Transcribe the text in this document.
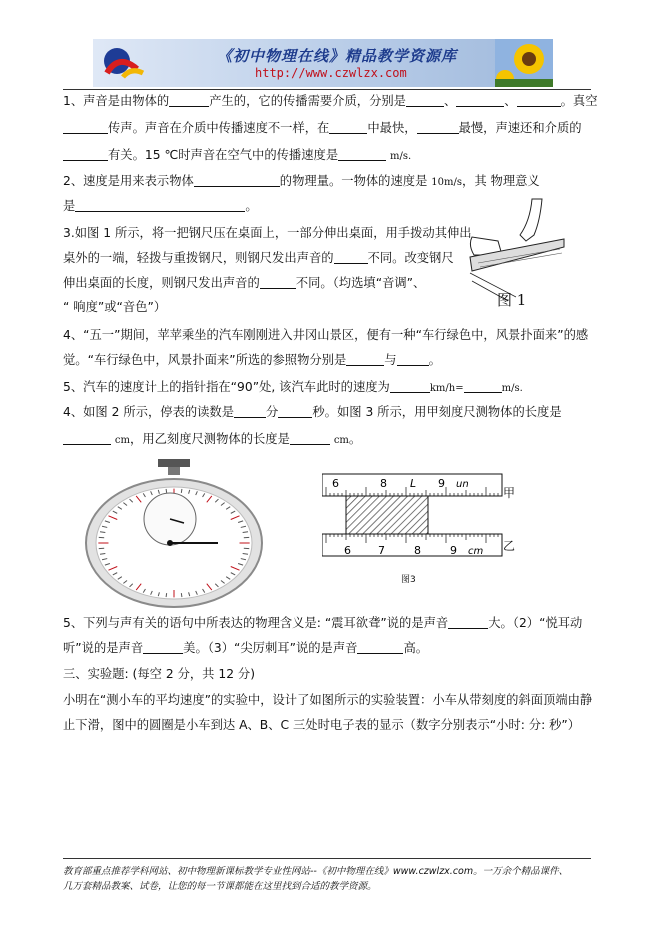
《初中物理在线》精品教学资源库
http://www.czwlzx.com
1、声音是由物体的	产生的，它的传播需要介质，分别是	、	、	。真空
传声。声音在介质中传播速度不一样，在	中最快，	最慢，声速还和介质的
有关。15 ℃时声音在空气中的传播速度是	m/s.
2、速度是用来表示物体	的物理量。一物体的速度是 10m/s，其 物理意义
是	。
3.如图 1 所示，将一把钢尺压在桌面上，一部分伸出桌面，用手拨动其伸出
桌外的一端，轻拨与重拨钢尺，则钢尺发出声音的	不同。改变钢尺
伸出桌面的长度，则钢尺发出声音的	不同。（均选填“音调”、
“ 响度”或“音色”）	图 1
4、“五一”期间，苹苹乘坐的汽车刚刚进入井冈山景区，便有一种“车行绿色中，风景扑面来”的感
觉。“车行绿色中，风景扑面来”所选的参照物分别是	与	。
5、汽车的速度计上的指针指在“90”处, 该汽车此时的速度为	km/h=	m/s.
4、如图 2 所示，停表的读数是	分	秒。如图 3 所示，用甲刻度尺测物体的长度是
cm，用乙刻度尺测物体的长度是	cm。
6	8 L 9 un
6 7	8	9 cm
甲
乙
图3
5、下列与声有关的语句中所表达的物理含义是: “震耳欲聋”说的是声音	大。（2）“悦耳动
听”说的是声音	美。（3）“尖厉刺耳”说的是声音	高。
三、实验题: (每空 2 分，共 12 分)
小明在“测小车的平均速度”的实验中，设计了如图所示的实验装置：小车从带刻度的斜面顶端由静
止下滑，图中的圆圈是小车到达 A、B、C 三处时电子表的显示（数字分别表示“小时: 分: 秒”）
教育部重点推荐学科网站、初中物理新课标教学专业性网站--《初中物理在线》www.czwlzx.com。一万余个精品课件、
几万套精品教案、试卷，让您的每一节课都能在这里找到合适的教学资源。
